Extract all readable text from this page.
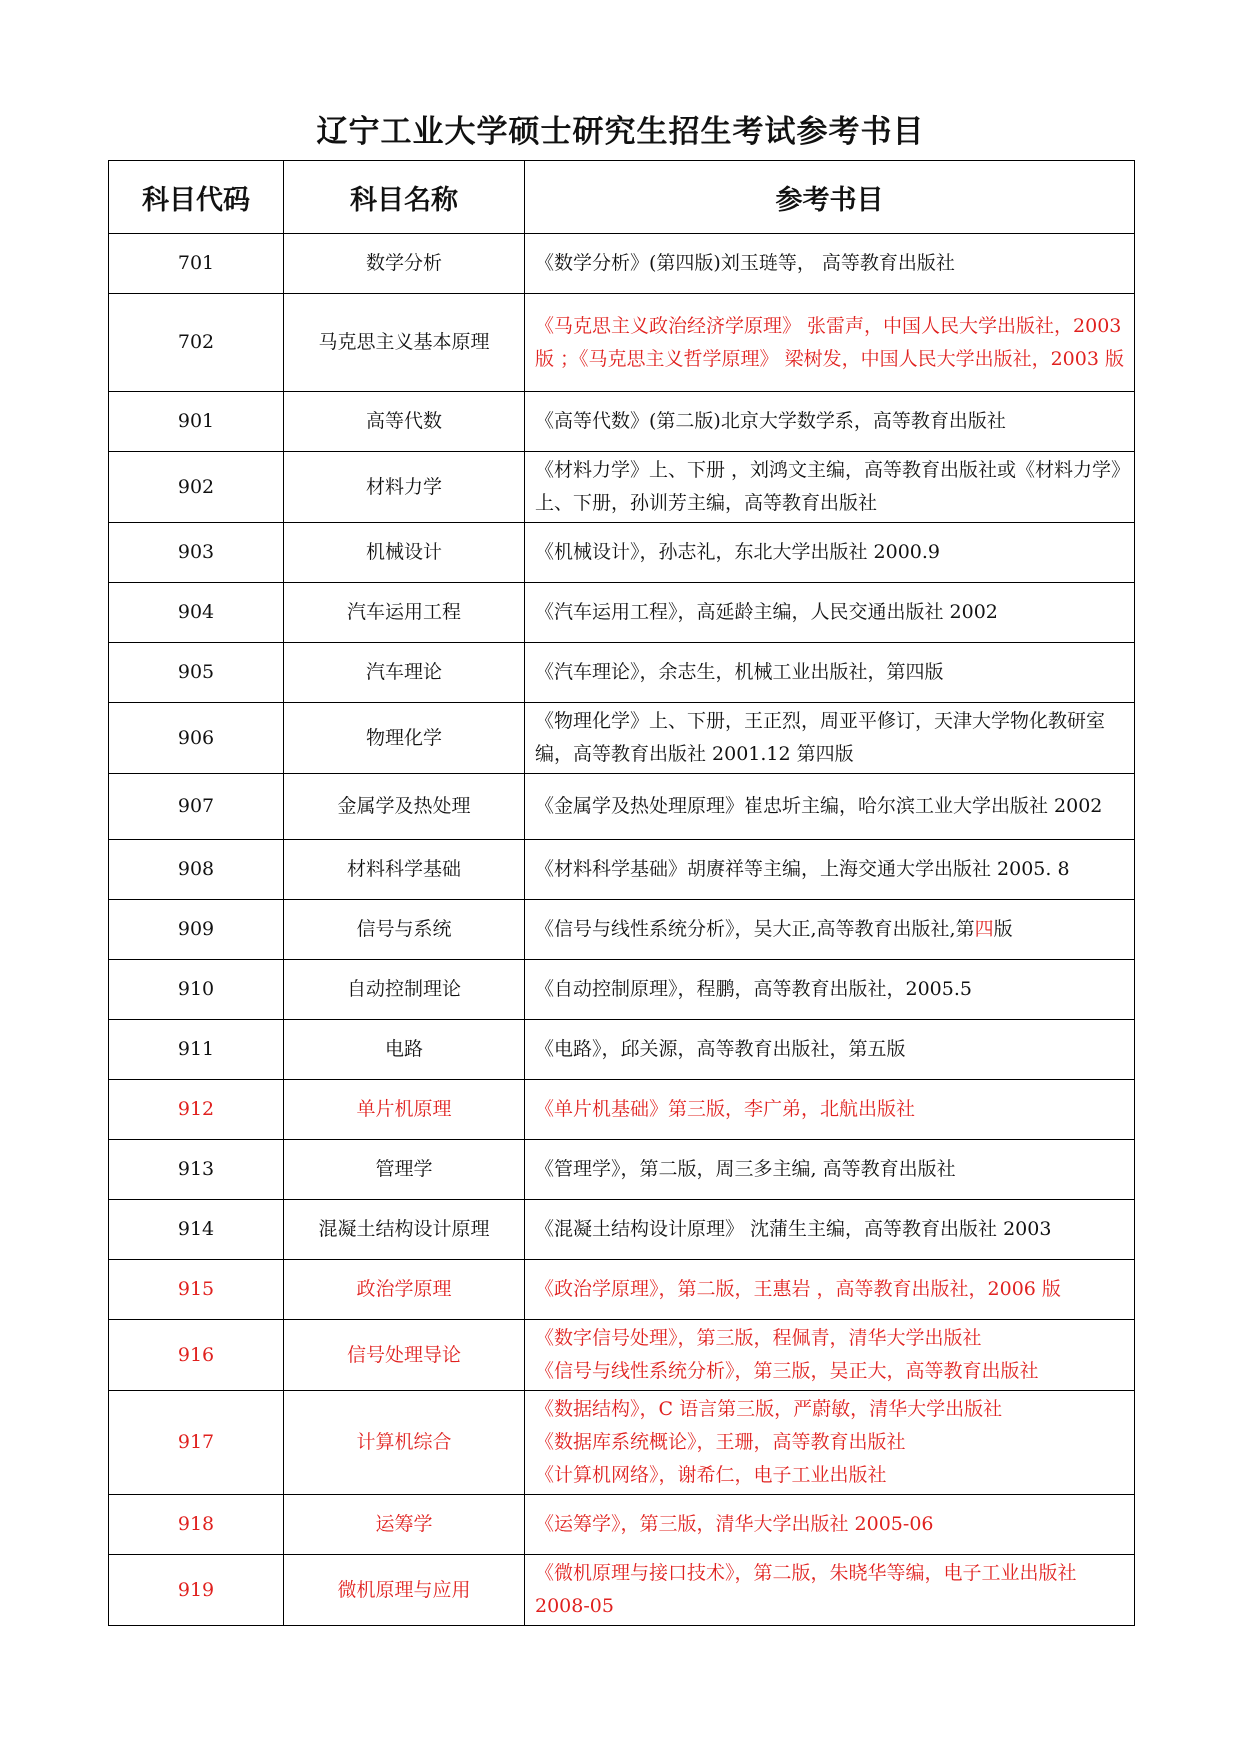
辽宁工业大学硕士研究生招生考试参考书目
科目代码	科目名称	参考书目
701	数学分析	《数学分析》(第四版)刘玉琏等， 高等教育出版社
702	马克思主义基本原理	《马克思主义政治经济学原理》 张雷声，中国人民大学出版社，2003 版 ；《马克思主义哲学原理》 梁树发，中国人民大学出版社，2003 版
901	高等代数	《高等代数》(第二版)北京大学数学系，高等教育出版社
902	材料力学	《材料力学》上、下册 ，刘鸿文主编，高等教育出版社或《材料力学》上、下册，孙训芳主编，高等教育出版社
903	机械设计	《机械设计》，孙志礼，东北大学出版社 2000.9
904	汽车运用工程	《汽车运用工程》，高延龄主编，人民交通出版社 2002
905	汽车理论	《汽车理论》，余志生，机械工业出版社，第四版
906	物理化学	《物理化学》上、下册，王正烈，周亚平修订，天津大学物化教研室编，高等教育出版社 2001.12 第四版
907	金属学及热处理	《金属学及热处理原理》崔忠圻主编，哈尔滨工业大学出版社 2002
908	材料科学基础	《材料科学基础》胡赓祥等主编，上海交通大学出版社 2005. 8
909	信号与系统	《信号与线性系统分析》，吴大正,高等教育出版社,第四版
910	自动控制理论	《自动控制原理》，程鹏，高等教育出版社，2005.5
911	电路	《电路》，邱关源，高等教育出版社，第五版
912	单片机原理	《单片机基础》第三版，李广弟，北航出版社
913	管理学	《管理学》，第二版，周三多主编, 高等教育出版社
914	混凝土结构设计原理	《混凝土结构设计原理》 沈蒲生主编，高等教育出版社 2003
915	政治学原理	《政治学原理》，第二版，王惠岩 ，高等教育出版社，2006 版
916	信号处理导论	《数字信号处理》，第三版，程佩青，清华大学出版社
《信号与线性系统分析》，第三版，吴正大，高等教育出版社
917	计算机综合	《数据结构》，C 语言第三版，严蔚敏，清华大学出版社
《数据库系统概论》，王珊，高等教育出版社
《计算机网络》，谢希仁，电子工业出版社
918	运筹学	《运筹学》，第三版，清华大学出版社 2005-06
919	微机原理与应用	《微机原理与接口技术》，第二版，朱晓华等编，电子工业出版社 2008-05
